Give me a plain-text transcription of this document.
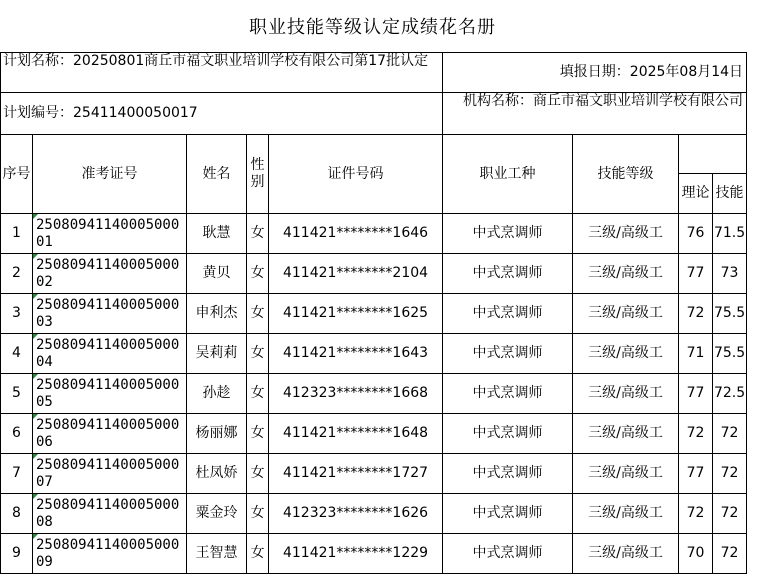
职业技能等级认定成绩花名册
计划名称：20250801商丘市福文职业培训学校有限公司第17批认定					填报日期：2025年08月14日			
计划编号：25411400050017					机构名称：商丘市福文职业培训学校有限公司			
序号	准考证号	姓名	性别	证件号码	职业工种	技能等级		
							理论	技能
1	2508094114000500001	耿慧	女	411421********1646	中式烹调师	三级/高级工	76	71.5
2	2508094114000500002	黄贝	女	411421********2104	中式烹调师	三级/高级工	77	73
3	2508094114000500003	申利杰	女	411421********1625	中式烹调师	三级/高级工	72	75.5
4	2508094114000500004	吴莉莉	女	411421********1643	中式烹调师	三级/高级工	71	75.5
5	2508094114000500005	孙趁	女	412323********1668	中式烹调师	三级/高级工	77	72.5
6	2508094114000500006	杨丽娜	女	411421********1648	中式烹调师	三级/高级工	72	72
7	2508094114000500007	杜凤娇	女	411421********1727	中式烹调师	三级/高级工	77	72
8	2508094114000500008	粟金玲	女	412323********1626	中式烹调师	三级/高级工	72	72
9	2508094114000500009	王智慧	女	411421********1229	中式烹调师	三级/高级工	70	72
